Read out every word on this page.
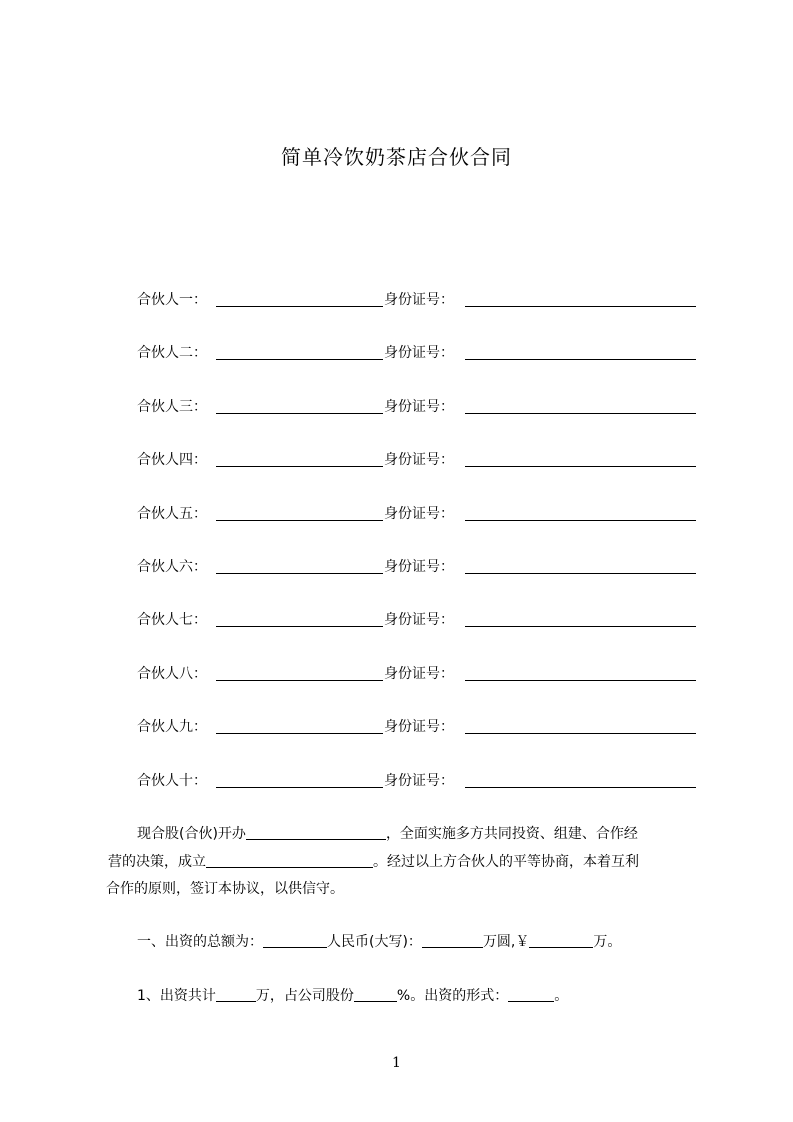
简单冷饮奶茶店合伙合同
合伙人一：	身份证号：
合伙人二：	身份证号：
合伙人三：	身份证号：
合伙人四：	身份证号：
合伙人五：	身份证号：
合伙人六：	身份证号：
合伙人七：	身份证号：
合伙人八：	身份证号：
合伙人九：	身份证号：
合伙人十：	身份证号：
现合股(合伙)开办	，全面实施多方共同投资、组建、合作经
营的决策，成立	。经过以上方合伙人的平等协商，本着互利
合作的原则，签订本协议，以供信守。
一、出资的总额为：	人民币(大写)：	万圆,￥	万。
1、出资共计	万，占公司股份	%。出资的形式：	。
1
